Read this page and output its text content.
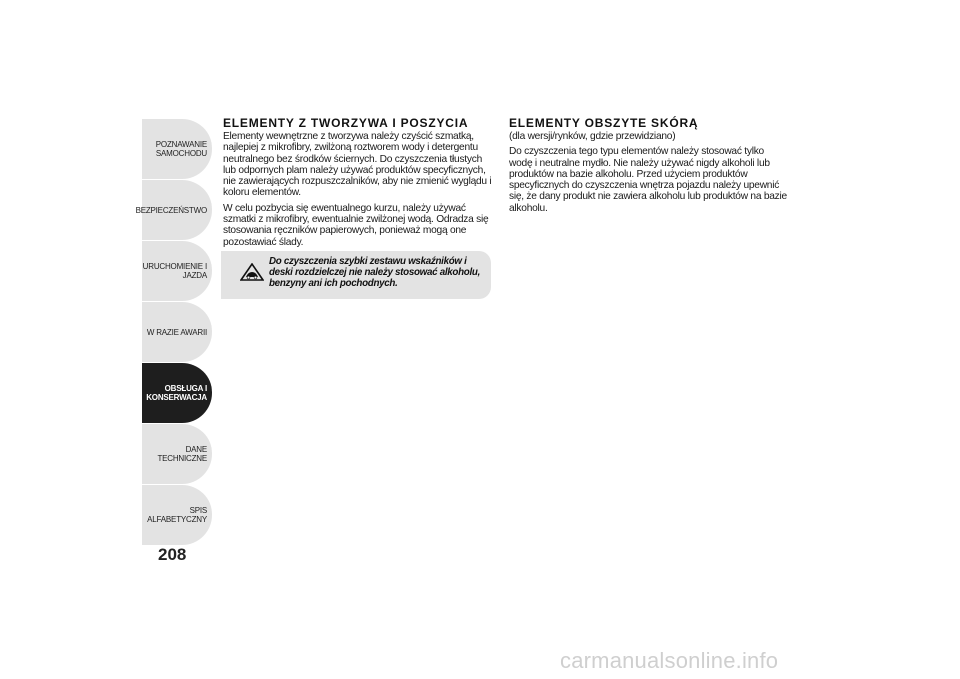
POZNAWANIE
SAMOCHODU
BEZPIECZEŃSTWO
URUCHOMIENIE I
JAZDA
W RAZIE AWARII
OBSŁUGA I
KONSERWACJA
DANE TECHNICZNE
SPIS ALFABETYCZNY
208
ELEMENTY Z TWORZYWA I POSZYCIA

Elementy wewnętrzne z tworzywa należy czyścić szmatką, najlepiej z mikrofibry, zwilżoną roztworem wody i detergentu neutralnego bez środków ściernych. Do czyszczenia tłustych lub odpornych plam należy używać produktów specyficznych, nie zawierających rozpuszczalników, aby nie zmienić wyglądu i koloru elementów.

W celu pozbycia się ewentualnego kurzu, należy używać szmatki z mikrofibry, ewentualnie zwilżonej wodą. Odradza się stosowania ręczników papierowych, ponieważ mogą one pozostawiać ślady.

Do czyszczenia szybki zestawu wskaźników i deski rozdzielczej nie należy stosować alkoholu, benzyny ani ich pochodnych.
ELEMENTY OBSZYTE SKÓRĄ

(dla wersji/rynków, gdzie przewidziano)

Do czyszczenia tego typu elementów należy stosować tylko wodę i neutralne mydło. Nie należy używać nigdy alkoholi lub produktów na bazie alkoholu. Przed użyciem produktów specyficznych do czyszczenia wnętrza pojazdu należy upewnić się, że dany produkt nie zawiera alkoholu lub produktów na bazie alkoholu.

carmanualsonline.info
